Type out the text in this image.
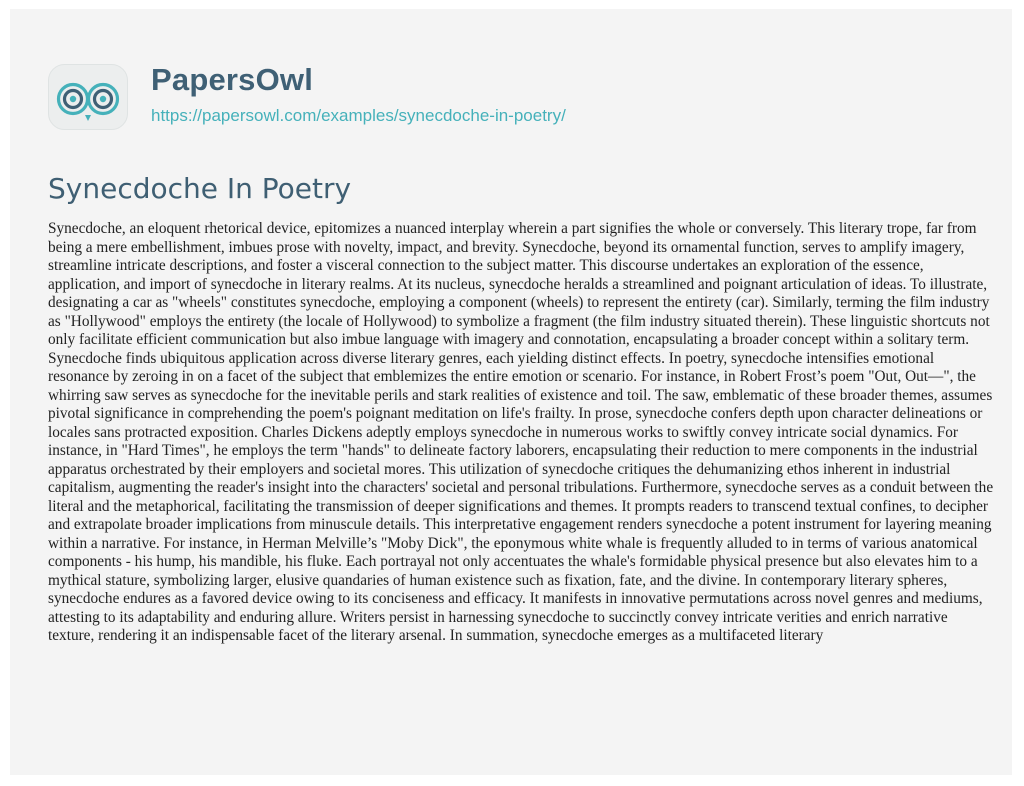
PapersOwl
https://papersowl.com/examples/synecdoche-in-poetry/
Synecdoche In Poetry

Synecdoche, an eloquent rhetorical device, epitomizes a nuanced interplay wherein a part signifies the whole or conversely. This literary trope, far from being a mere embellishment, imbues prose with novelty, impact, and brevity. Synecdoche, beyond its ornamental function, serves to amplify imagery, streamline intricate descriptions, and foster a visceral connection to the subject matter. This discourse undertakes an exploration of the essence, application, and import of synecdoche in literary realms. At its nucleus, synecdoche heralds a streamlined and poignant articulation of ideas. To illustrate, designating a car as "wheels" constitutes synecdoche, employing a component (wheels) to represent the entirety (car). Similarly, terming the film industry as "Hollywood" employs the entirety (the locale of Hollywood) to symbolize a fragment (the film industry situated therein). These linguistic shortcuts not only facilitate efficient communication but also imbue language with imagery and connotation, encapsulating a broader concept within a solitary term. Synecdoche finds ubiquitous application across diverse literary genres, each yielding distinct effects. In poetry, synecdoche intensifies emotional resonance by zeroing in on a facet of the subject that emblemizes the entire emotion or scenario. For instance, in Robert Frost’s poem "Out, Out—", the whirring saw serves as synecdoche for the inevitable perils and stark realities of existence and toil. The saw, emblematic of these broader themes, assumes pivotal significance in comprehending the poem's poignant meditation on life's frailty. In prose, synecdoche confers depth upon character delineations or locales sans protracted exposition. Charles Dickens adeptly employs synecdoche in numerous works to swiftly convey intricate social dynamics. For instance, in "Hard Times", he employs the term "hands" to delineate factory laborers, encapsulating their reduction to mere components in the industrial apparatus orchestrated by their employers and societal mores. This utilization of synecdoche critiques the dehumanizing ethos inherent in industrial capitalism, augmenting the reader's insight into the characters' societal and personal tribulations. Furthermore, synecdoche serves as a conduit between the literal and the metaphorical, facilitating the transmission of deeper significations and themes. It prompts readers to transcend textual confines, to decipher and extrapolate broader implications from minuscule details. This interpretative engagement renders synecdoche a potent instrument for layering meaning within a narrative. For instance, in Herman Melville’s "Moby Dick", the eponymous white whale is frequently alluded to in terms of various anatomical components - his hump, his mandible, his fluke. Each portrayal not only accentuates the whale's formidable physical presence but also elevates him to a mythical stature, symbolizing larger, elusive quandaries of human existence such as fixation, fate, and the divine. In contemporary literary spheres, synecdoche endures as a favored device owing to its conciseness and efficacy. It manifests in innovative permutations across novel genres and mediums, attesting to its adaptability and enduring allure. Writers persist in harnessing synecdoche to succinctly convey intricate verities and enrich narrative texture, rendering it an indispensable facet of the literary arsenal. In summation, synecdoche emerges as a multifaceted literary
